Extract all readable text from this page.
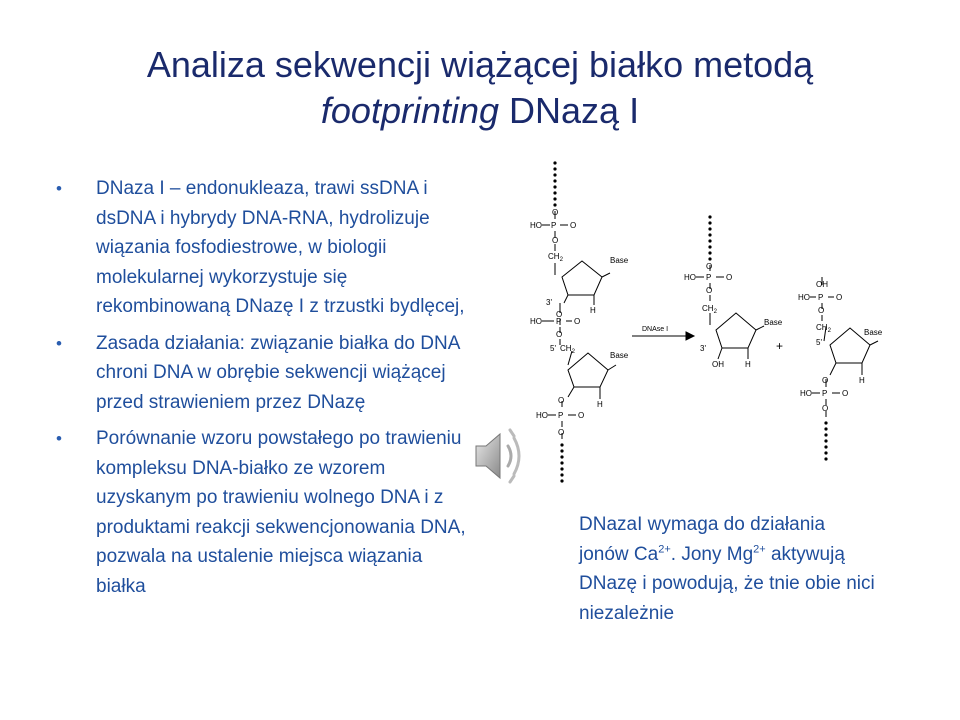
Analiza sekwencji wiążącej białko metodą
footprinting DNazą I
• DNaza I – endonukleaza, trawi ssDNA i dsDNA i hybrydy DNA-RNA, hydrolizuje wiązania fosfodiestrowe, w biologii molekularnej wykorzystuje się rekombinowaną DNazę I z trzustki bydlęcej,
• Zasada działania: związanie białka do DNA chroni DNA w obrębie sekwencji wiążącej przed strawieniem przez DNazę
• Porównanie wzoru powstałego po trawieniu kompleksu DNA-białko ze wzorem uzyskanym po trawieniu wolnego DNA i z produktami reakcji sekwencjonowania DNA, pozwala na ustalenie miejsca wiązania białka
HO P O
O
O
$CH_2$	Base
H
3'
O
HO P O
O
5' $CH_2$	Base
H
O
HO P O
O
DNAse I
O
HO P O
O
$CH_2$
Base
3'
OH	H
+
OH
HO P O
O
$CH_2$	Base
5'
H
O
HO P O
O
DNazaI wymaga do działania jonów $Ca^{2+}$. Jony $Mg^{2+}$ aktywują DNazę i powodują, że tnie obie nici niezależnie
